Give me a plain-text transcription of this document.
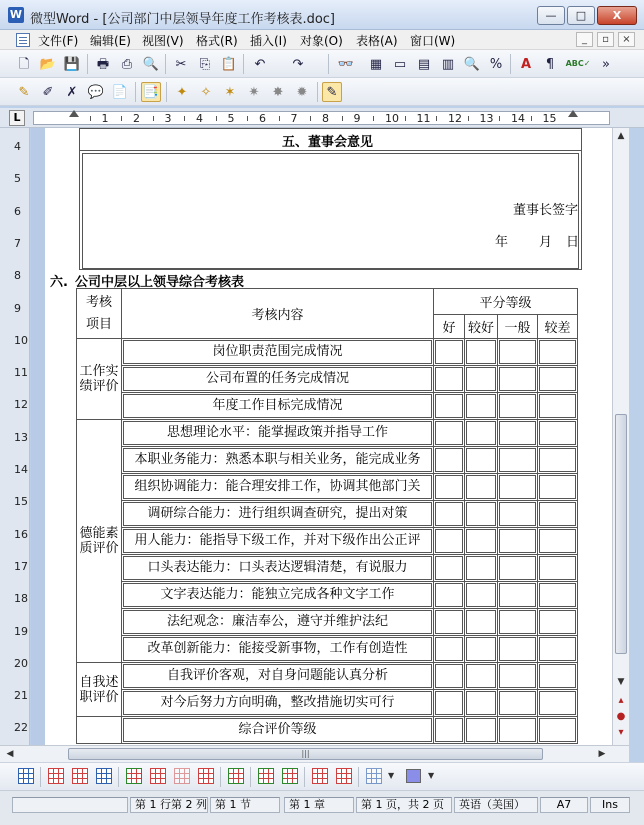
W 微型Word - [公司部门中层领导年度工作考核表.doc]	—	□	X
文件(F) 编辑(E) 视图(V) 格式(R) 插入(I) 对象(O) 表格(A) 窗口(W)	_	▫	×
🗋 📂 💾 🖶 ⎙ 🔍	✂	⎘ 📋	↶	↷	👓 ▦ ▭ ▤ ▥ 🔍 %	A	¶	ABC✓ »
✎	✐	✗ 💬 📄 📑	✦	✧	✶	✷	✸	✹	✎
L	1 2 3 4 5 6 7 8 9 10 11 12 13 14 15
4
5
6
7
8
9
10
11
12
13
14
15
16
17
18
19
20
21
22
五、董事会意见
董事长签字
年 月 日
六. 公司中层以上领导综合考核表
考核
项目	考核内容	平分等级			
		好	较好	一般	较差

工作实
绩评价	岗位职责范围完成情况				

	公司布置的任务完成情况				

	年度工作目标完成情况				

德能素
质评价	思想理论水平：能掌握政策并指导工作				

	本职业务能力：熟悉本职与相关业务，能完成业务				

	组织协调能力：能合理安排工作，协调其他部门关				

	调研综合能力：进行组织调查研究，提出对策				

	用人能力：能指导下级工作，并对下级作出公正评				

	口头表达能力：口头表达逻辑清楚，有说服力				

	文字表达能力：能独立完成各种文字工作				

	法纪观念：廉洁奉公，遵守并维护法纪				

	改革创新能力：能接受新事物，工作有创造性				

自我述
职评价	自我评价客观，对自身问题能认真分析				

	对今后努力方向明确，整改措施切实可行				

	综合评价等级				

▲
▼
▴
●
▾
◀	|||	▶
▼	▼
第 1 行第 2 列 第 1 节	第 1 章	第 1 页，共 2 页	英语（美国）	A7	Ins
